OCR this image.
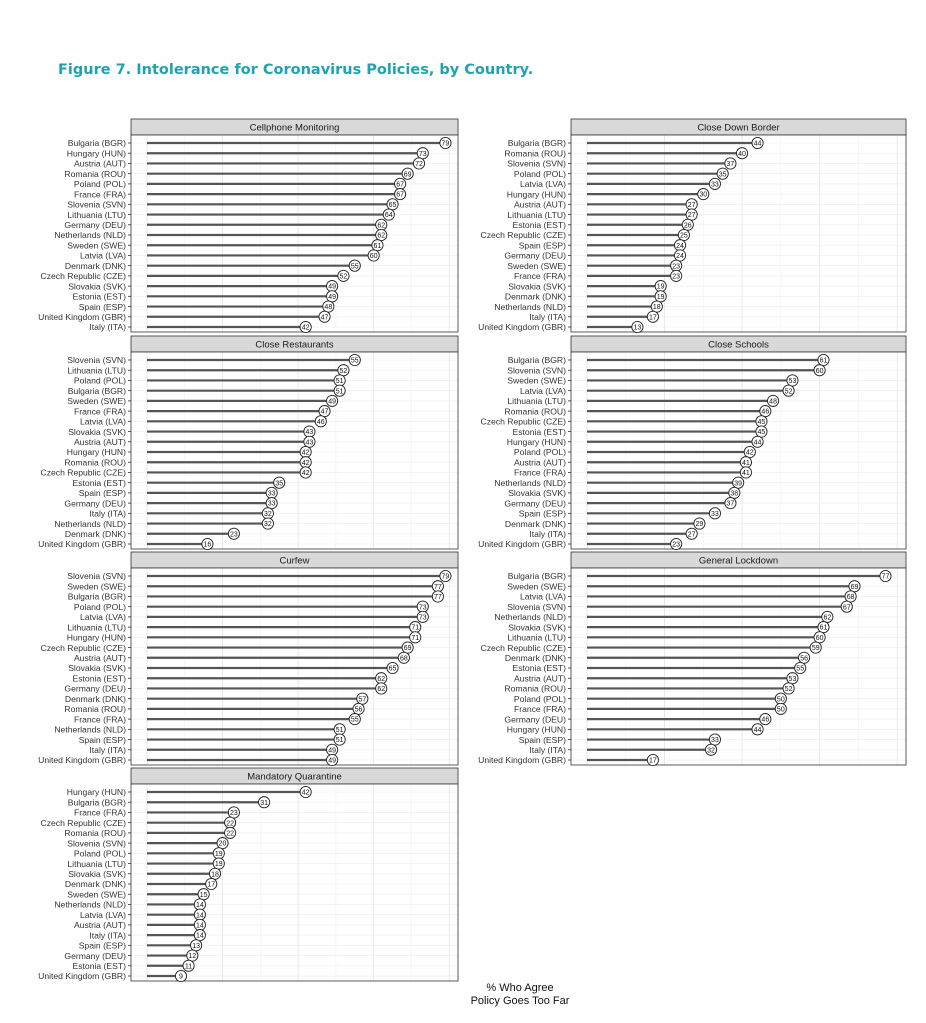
Figure 7. Intolerance for Coronavirus Policies, by Country.
Cellphone Monitoring
Bulgaria (BGR)	79
Hungary (HUN)	73
Austria (AUT)	72
Romania (ROU)	69
Poland (POL)	67
France (FRA)	67
Slovenia (SVN)	65
Lithuania (LTU)	64
Germany (DEU)	62
Netherlands (NLD)	62
Sweden (SWE)	61
Latvia (LVA)	60
Denmark (DNK)	55
Czech Republic (CZE)	52
Slovakia (SVK)	49
Estonia (EST)	49
Spain (ESP)	48
United Kingdom (GBR)	47
Italy (ITA)	42
Close Down Border
Bulgaria (BGR)	44
Romania (ROU)	40
Slovenia (SVN)	37
Poland (POL)	35
Latvia (LVA)	33
Hungary (HUN)	30
Austria (AUT)	27
Lithuania (LTU)	27
Estonia (EST)	26
Czech Republic (CZE)	25
Spain (ESP)	24
Germany (DEU)	24
Sweden (SWE)	23
France (FRA)	23
Slovakia (SVK)	19
Denmark (DNK)	19
Netherlands (NLD)	18
Italy (ITA)	17
United Kingdom (GBR)	13
Close Restaurants
Slovenia (SVN)	55
Lithuania (LTU)	52
Poland (POL)	51
Bulgaria (BGR)	51
Sweden (SWE)	49
France (FRA)	47
Latvia (LVA)	46
Slovakia (SVK)	43
Austria (AUT)	43
Hungary (HUN)	42
Romania (ROU)	42
Czech Republic (CZE)	42
Estonia (EST)	35
Spain (ESP)	33
Germany (DEU)	33
Italy (ITA)	32
Netherlands (NLD)	32
Denmark (DNK)	23
United Kingdom (GBR)	16
Close Schools
Bulgaria (BGR)	61
Slovenia (SVN)	60
Sweden (SWE)	53
Latvia (LVA)	52
Lithuania (LTU)	48
Romania (ROU)	46
Czech Republic (CZE)	45
Estonia (EST)	45
Hungary (HUN)	44
Poland (POL)	42
Austria (AUT)	41
France (FRA)	41
Netherlands (NLD)	39
Slovakia (SVK)	38
Germany (DEU)	37
Spain (ESP)	33
Denmark (DNK)	29
Italy (ITA)	27
United Kingdom (GBR)	23
Curfew
Slovenia (SVN)	79
Sweden (SWE)	77
Bulgaria (BGR)	77
Poland (POL)	73
Latvia (LVA)	73
Lithuania (LTU)	71
Hungary (HUN)	71
Czech Republic (CZE)	69
Austria (AUT)	68
Slovakia (SVK)	65
Estonia (EST)	62
Germany (DEU)	62
Denmark (DNK)	57
Romania (ROU)	56
France (FRA)	55
Netherlands (NLD)	51
Spain (ESP)	51
Italy (ITA)	49
United Kingdom (GBR)	49
General Lockdown
Bulgaria (BGR)	77
Sweden (SWE)	69
Latvia (LVA)	68
Slovenia (SVN)	67
Netherlands (NLD)	62
Slovakia (SVK)	61
Lithuania (LTU)	60
Czech Republic (CZE)	59
Denmark (DNK)	56
Estonia (EST)	55
Austria (AUT)	53
Romania (ROU)	52
Poland (POL)	50
France (FRA)	50
Germany (DEU)	46
Hungary (HUN)	44
Spain (ESP)	33
Italy (ITA)	32
United Kingdom (GBR)	17
Mandatory Quarantine
Hungary (HUN)	42
Bulgaria (BGR)	31
France (FRA)	23
Czech Republic (CZE)	22
Romania (ROU)	22
Slovenia (SVN)	20
Poland (POL)	19
Lithuania (LTU)	19
Slovakia (SVK)	18
Denmark (DNK)	17
Sweden (SWE)	15
Netherlands (NLD)	14
Latvia (LVA)	14
Austria (AUT)	14
Italy (ITA)	14
Spain (ESP)	13
Germany (DEU)	12
Estonia (EST)	11
United Kingdom (GBR)	9
% Who Agree
Policy Goes Too Far
